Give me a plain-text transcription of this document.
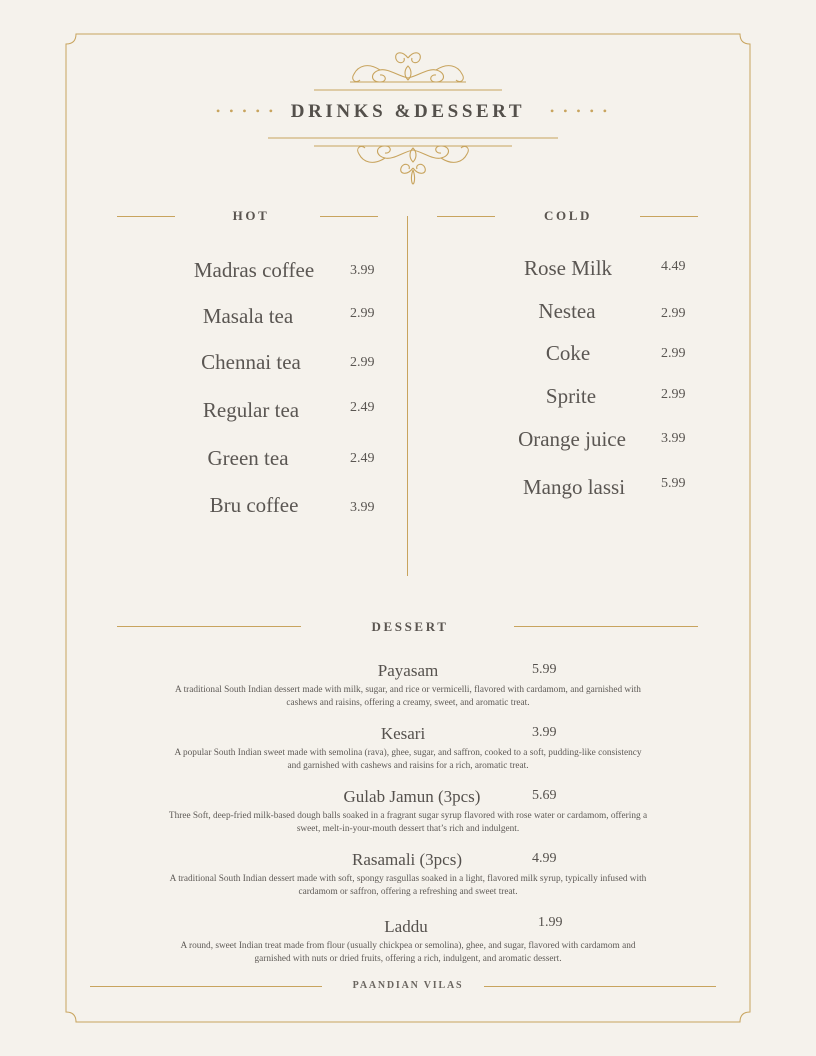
• • • • • DRINKS &DESSERT	• • • • •
HOT
Madras coffee	3.99
Masala tea	2.99
Chennai tea	2.99
Regular tea	2.49
Green tea	2.49
Bru coffee	3.99
COLD
Rose Milk	4.49
Nestea	2.99
Coke	2.99
Sprite	2.99
Orange juice	3.99
Mango lassi	5.99
DESSERT
Payasam	5.99
A traditional South Indian dessert made with milk, sugar, and rice or vermicelli, flavored with cardamom, and garnished with cashews and raisins, offering a creamy, sweet, and aromatic treat.
Kesari	3.99
A popular South Indian sweet made with semolina (rava), ghee, sugar, and saffron, cooked to a soft, pudding-like consistency and garnished with cashews and raisins for a rich, aromatic treat.
Gulab Jamun (3pcs)	5.69
Three Soft, deep-fried milk-based dough balls soaked in a fragrant sugar syrup flavored with rose water or cardamom, offering a sweet, melt-in-your-mouth dessert that’s rich and indulgent.
Rasamali (3pcs)	4.99
A traditional South Indian dessert made with soft, spongy rasgullas soaked in a light, flavored milk syrup, typically infused with cardamom or saffron, offering a refreshing and sweet treat.
Laddu	1.99
A round, sweet Indian treat made from flour (usually chickpea or semolina), ghee, and sugar, flavored with cardamom and garnished with nuts or dried fruits, offering a rich, indulgent, and aromatic dessert.
PAANDIAN VILAS
